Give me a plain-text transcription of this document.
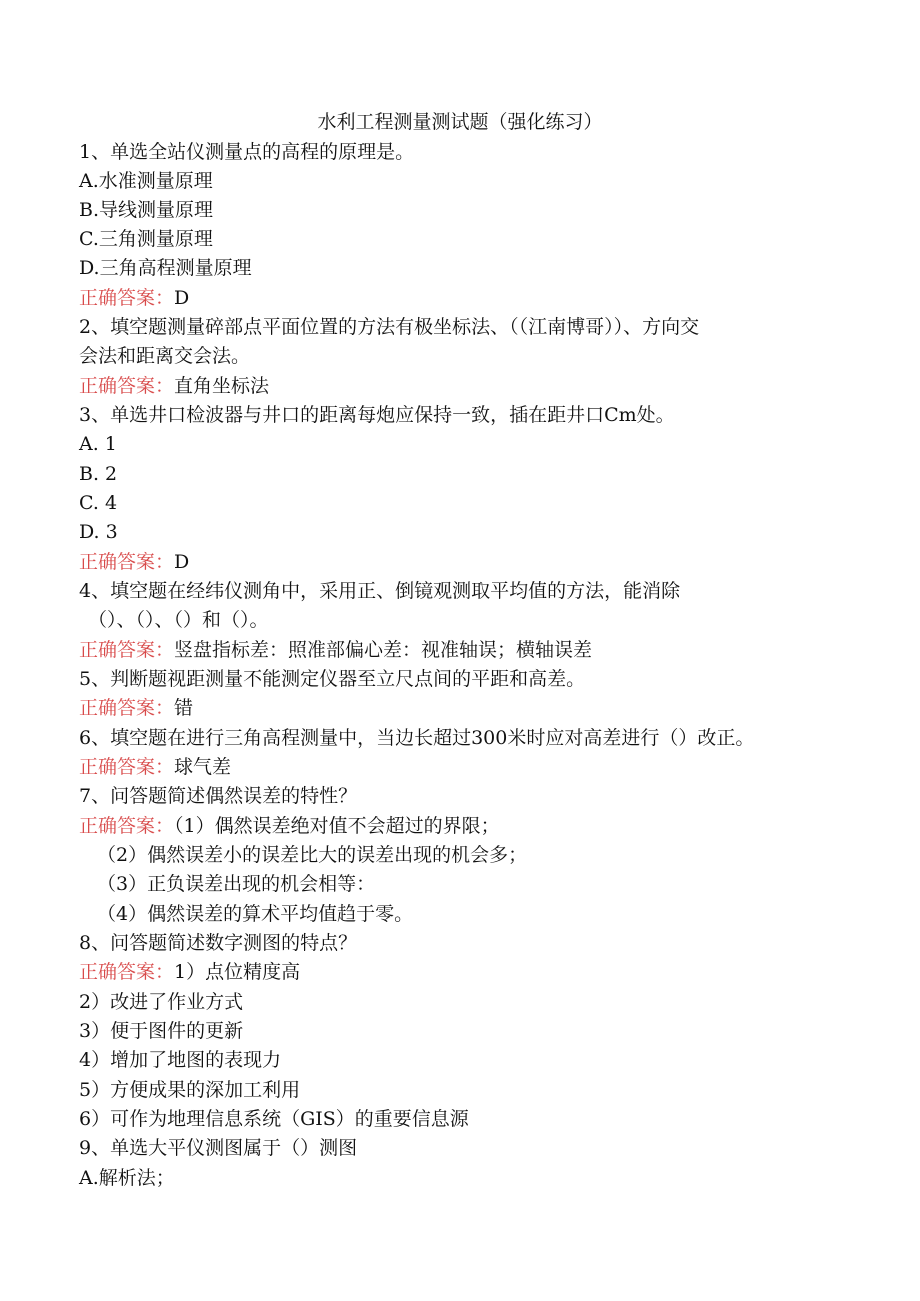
水利工程测量测试题（强化练习）
1、单选全站仪测量点的高程的原理是。
A.水准测量原理
B.导线测量原理
C.三角测量原理
D.三角高程测量原理
正确答案：D
2、填空题测量碎部点平面位置的方法有极坐标法、（（江南博哥））、方向交
会法和距离交会法。
正确答案：直角坐标法
3、单选井口检波器与井口的距离每炮应保持一致，插在距井口Cm处。
A. 1
B. 2
C. 4
D. 3
正确答案：D
4、填空题在经纬仪测角中，采用正、倒镜观测取平均值的方法，能消除
（）、（）、（）和（）。
正确答案：竖盘指标差：照准部偏心差：视准轴误；横轴误差
5、判断题视距测量不能测定仪器至立尺点间的平距和高差。
正确答案：错
6、填空题在进行三角高程测量中，当边长超过300米时应对高差进行（）改正。
正确答案：球气差
7、问答题简述偶然误差的特性？
正确答案：（1）偶然误差绝对值不会超过的界限；
（2）偶然误差小的误差比大的误差出现的机会多；
（3）正负误差出现的机会相等：
（4）偶然误差的算术平均值趋于零。
8、问答题简述数字测图的特点？
正确答案：1）点位精度高
2）改进了作业方式
3）便于图件的更新
4）增加了地图的表现力
5）方便成果的深加工利用
6）可作为地理信息系统（GIS）的重要信息源
9、单选大平仪测图属于（）测图
A.解析法；
